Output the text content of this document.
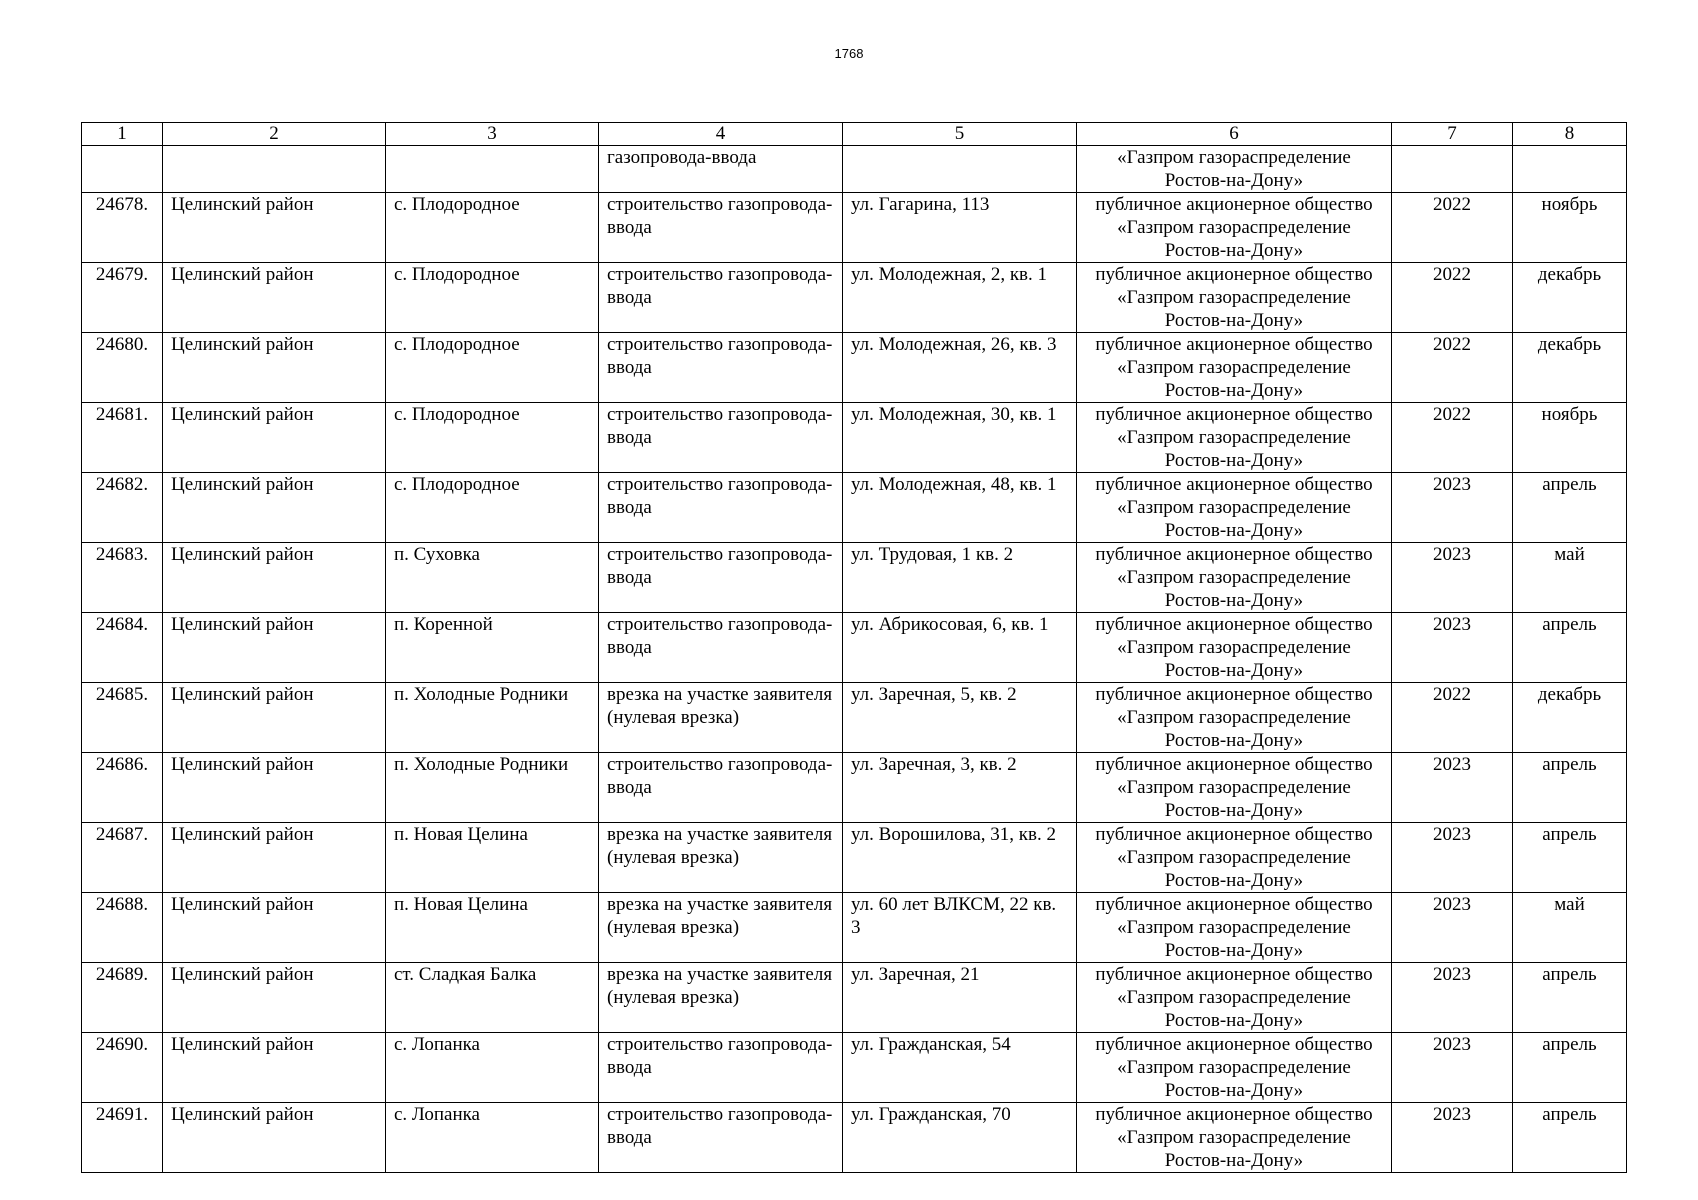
1768
1	2	3	4	5	6	7	8
			газопровода-ввода		«Газпром газораспределение
Ростов-на-Дону»		

24678.	Целинский район	с. Плодородное	строительство газопровода-ввода	ул. Гагарина, 113	публичное акционерное общество
«Газпром газораспределение
Ростов-на-Дону»	2022	ноябрь
24679.	Целинский район	с. Плодородное	строительство газопровода-ввода	ул. Молодежная, 2, кв. 1	публичное акционерное общество
«Газпром газораспределение
Ростов-на-Дону»	2022	декабрь
24680.	Целинский район	с. Плодородное	строительство газопровода-ввода	ул. Молодежная, 26, кв. 3	публичное акционерное общество
«Газпром газораспределение
Ростов-на-Дону»	2022	декабрь
24681.	Целинский район	с. Плодородное	строительство газопровода-ввода	ул. Молодежная, 30, кв. 1	публичное акционерное общество
«Газпром газораспределение
Ростов-на-Дону»	2022	ноябрь
24682.	Целинский район	с. Плодородное	строительство газопровода-ввода	ул. Молодежная, 48, кв. 1	публичное акционерное общество
«Газпром газораспределение
Ростов-на-Дону»	2023	апрель
24683.	Целинский район	п. Суховка	строительство газопровода-ввода	ул. Трудовая, 1 кв. 2	публичное акционерное общество
«Газпром газораспределение
Ростов-на-Дону»	2023	май
24684.	Целинский район	п. Коренной	строительство газопровода-ввода	ул. Абрикосовая, 6, кв. 1	публичное акционерное общество
«Газпром газораспределение
Ростов-на-Дону»	2023	апрель
24685.	Целинский район	п. Холодные Родники	врезка на участке заявителя (нулевая врезка)	ул. Заречная, 5, кв. 2	публичное акционерное общество
«Газпром газораспределение
Ростов-на-Дону»	2022	декабрь
24686.	Целинский район	п. Холодные Родники	строительство газопровода-ввода	ул. Заречная, 3, кв. 2	публичное акционерное общество
«Газпром газораспределение
Ростов-на-Дону»	2023	апрель
24687.	Целинский район	п. Новая Целина	врезка на участке заявителя (нулевая врезка)	ул. Ворошилова, 31, кв. 2	публичное акционерное общество
«Газпром газораспределение
Ростов-на-Дону»	2023	апрель
24688.	Целинский район	п. Новая Целина	врезка на участке заявителя (нулевая врезка)	ул. 60 лет ВЛКСМ, 22 кв. 3	публичное акционерное общество
«Газпром газораспределение
Ростов-на-Дону»	2023	май
24689.	Целинский район	ст. Сладкая Балка	врезка на участке заявителя (нулевая врезка)	ул. Заречная, 21	публичное акционерное общество
«Газпром газораспределение
Ростов-на-Дону»	2023	апрель
24690.	Целинский район	с. Лопанка	строительство газопровода-ввода	ул. Гражданская, 54	публичное акционерное общество
«Газпром газораспределение
Ростов-на-Дону»	2023	апрель
24691.	Целинский район	с. Лопанка	строительство газопровода-ввода	ул. Гражданская, 70	публичное акционерное общество
«Газпром газораспределение
Ростов-на-Дону»	2023	апрель
